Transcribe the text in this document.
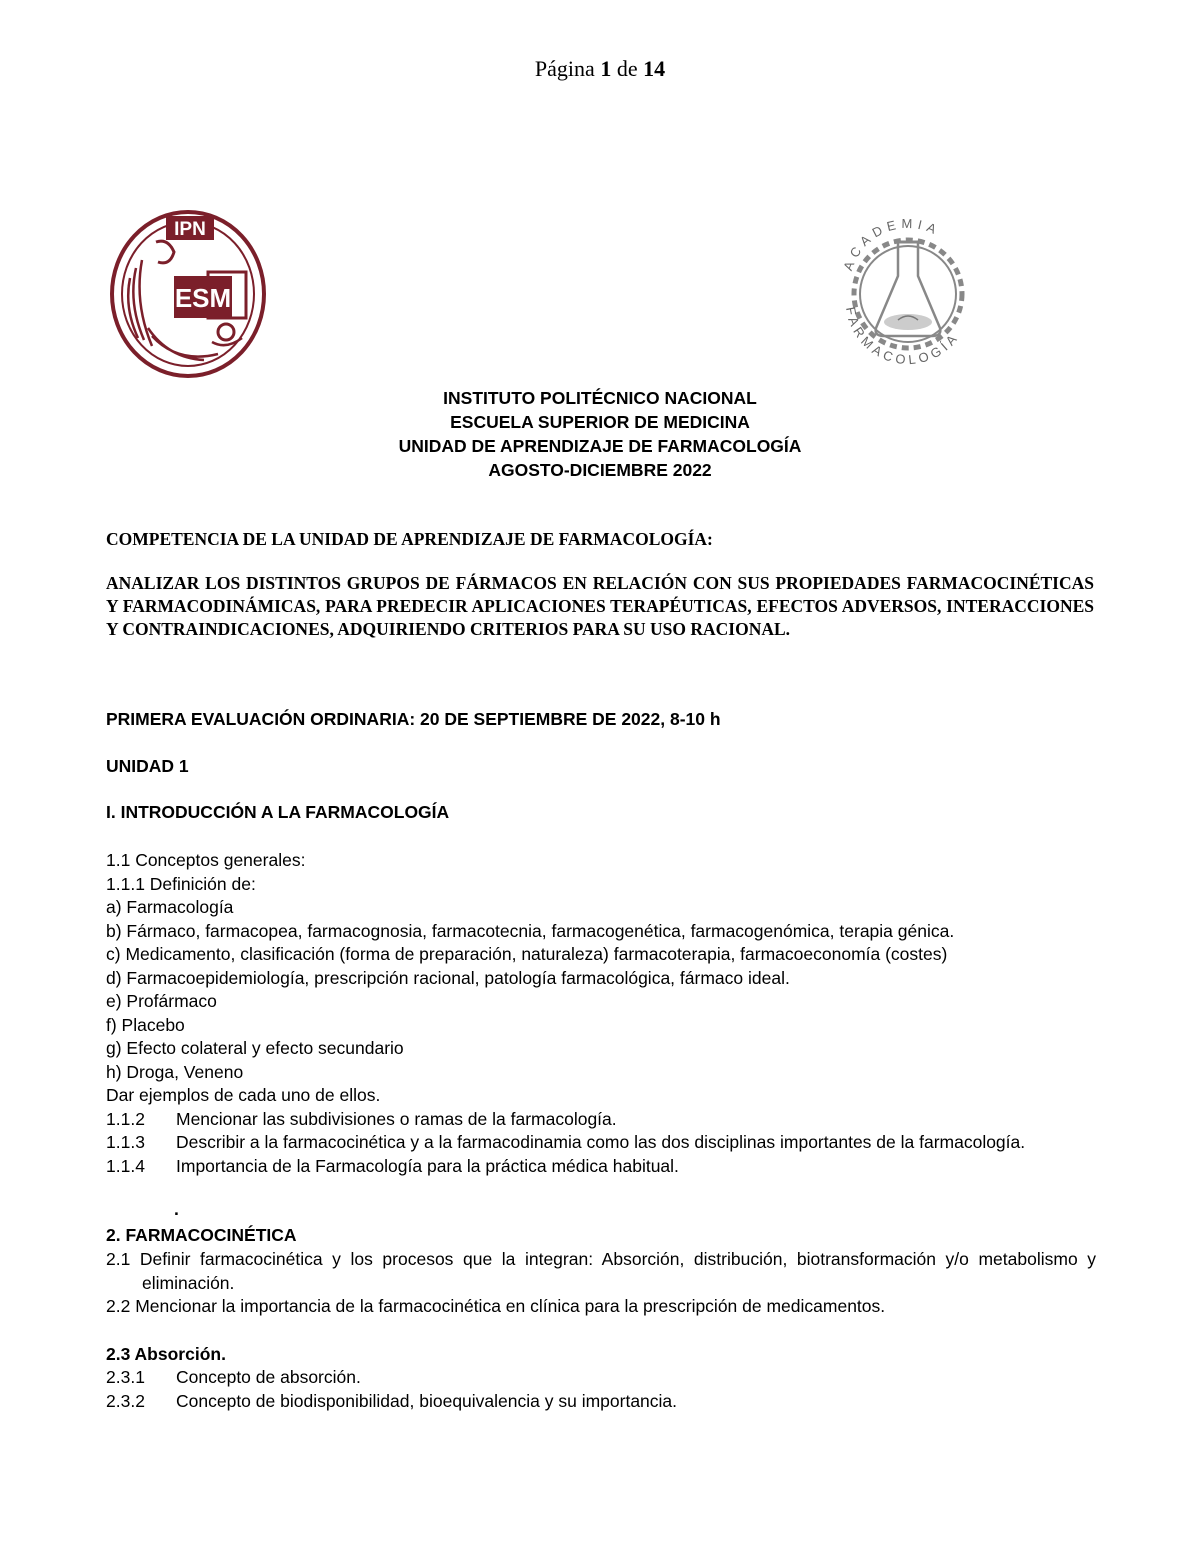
Página 1 de 14
IPN
ESM
ACADEMIA
FARMACOLOGÍA
INSTITUTO POLITÉCNICO NACIONAL
ESCUELA SUPERIOR DE MEDICINA
UNIDAD DE APRENDIZAJE DE FARMACOLOGÍA
AGOSTO-DICIEMBRE 2022
COMPETENCIA DE LA UNIDAD DE APRENDIZAJE DE FARMACOLOGÍA:
ANALIZAR LOS DISTINTOS GRUPOS DE FÁRMACOS EN RELACIÓN CON SUS PROPIEDADES FARMACOCINÉTICAS Y FARMACODINÁMICAS, PARA PREDECIR APLICACIONES TERAPÉUTICAS, EFECTOS ADVERSOS, INTERACCIONES Y CONTRAINDICACIONES, ADQUIRIENDO CRITERIOS PARA SU USO RACIONAL.
PRIMERA EVALUACIÓN ORDINARIA: 20 DE SEPTIEMBRE DE 2022, 8-10 h
UNIDAD 1
I. INTRODUCCIÓN A LA FARMACOLOGÍA
1.1 Conceptos generales:
1.1.1 Definición de:
a) Farmacología
b) Fármaco, farmacopea, farmacognosia, farmacotecnia, farmacogenética, farmacogenómica, terapia génica.
c) Medicamento, clasificación (forma de preparación, naturaleza) farmacoterapia, farmacoeconomía (costes)
d) Farmacoepidemiología, prescripción racional, patología farmacológica, fármaco ideal.
e) Profármaco
f) Placebo
g) Efecto colateral y efecto secundario
h) Droga, Veneno
Dar ejemplos de cada uno de ellos.
1.1.2	Mencionar las subdivisiones o ramas de la farmacología.
1.1.3	Describir a la farmacocinética y a la farmacodinamia como las dos disciplinas importantes de la farmacología.
1.1.4	Importancia de la Farmacología para la práctica médica habitual.
.
2. FARMACOCINÉTICA
2.1 Definir farmacocinética y los procesos que la integran: Absorción, distribución, biotransformación y/o metabolismo y eliminación.
2.2 Mencionar la importancia de la farmacocinética en clínica para la prescripción de medicamentos.
2.3 Absorción.
2.3.1	Concepto de absorción.
2.3.2	Concepto de biodisponibilidad, bioequivalencia y su importancia.
